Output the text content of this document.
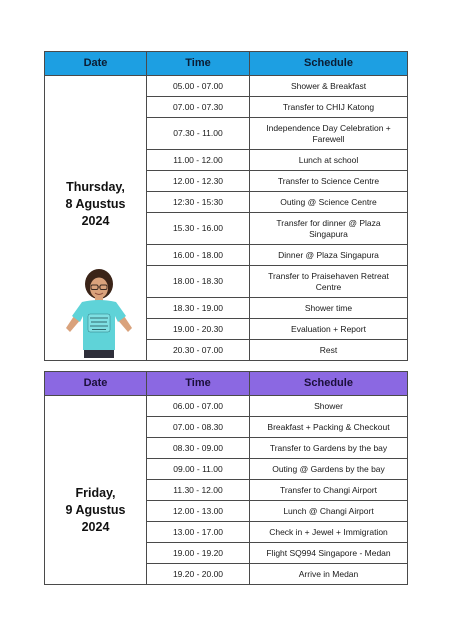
Date	Time	Schedule

Thursday,
8 Agustus 2024	05.00 - 07.00	Shower & Breakfast
	07.00 - 07.30	Transfer to CHIJ Katong
	07.30 - 11.00	Independence Day Celebration + Farewell
	11.00 - 12.00	Lunch at school
	12.00 - 12.30	Transfer to Science Centre
	12:30 - 15:30	Outing @ Science Centre
	15.30 - 16.00	Transfer for dinner @ Plaza Singapura
	16.00 - 18.00	Dinner @ Plaza Singapura
	18.00 - 18.30	Transfer to Praisehaven Retreat Centre
	18.30 - 19.00	Shower time
	19.00 - 20.30	Evaluation + Report
	20.30 - 07.00	Rest
Date	Time	Schedule

Friday,
9 Agustus 2024	06.00 - 07.00	Shower
	07.00 - 08.30	Breakfast + Packing & Checkout
	08.30 - 09.00	Transfer to Gardens by the bay
	09.00 - 11.00	Outing @ Gardens by the bay
	11.30 - 12.00	Transfer to Changi Airport
	12.00 - 13.00	Lunch @ Changi Airport
	13.00 - 17.00	Check in + Jewel + Immigration
	19.00 - 19.20	Flight SQ994 Singapore - Medan
	19.20 - 20.00	Arrive in Medan
